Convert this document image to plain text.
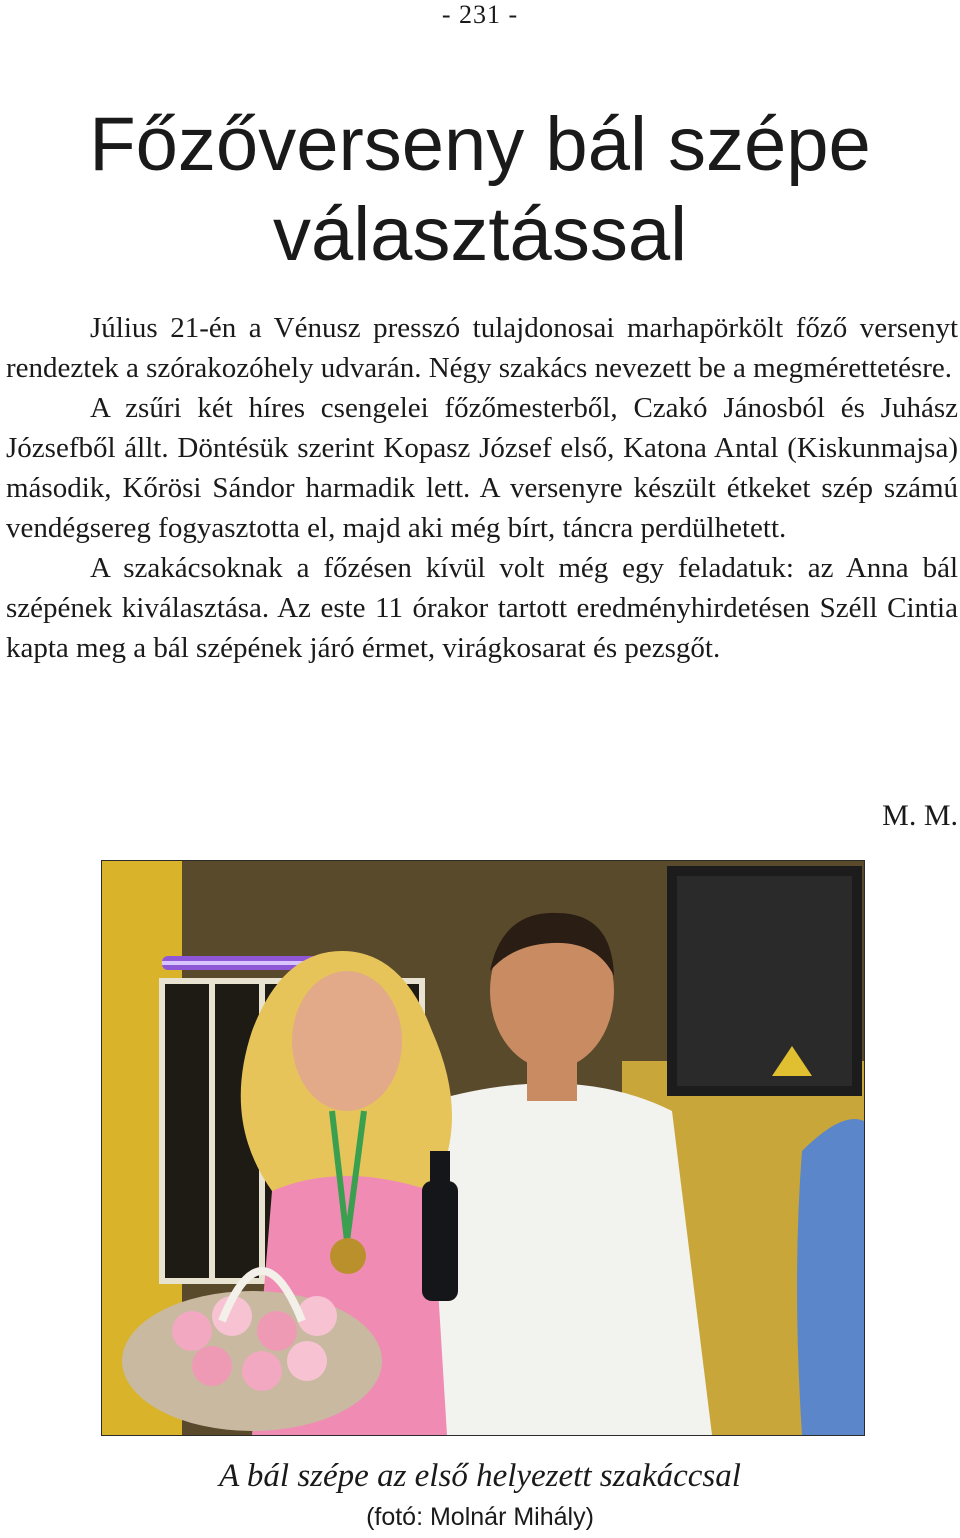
- 231 -
Főzőverseny bál szépe
választással

Július 21-én a Vénusz presszó tulajdonosai marhapörkölt főző versenyt rendeztek a szórakozóhely udvarán. Négy szakács nevezett be a megmérettetésre.

A zsűri két híres csengelei főzőmesterből, Czakó Jánosból és Juhász Józsefből állt. Döntésük szerint Kopasz József első, Katona Antal (Kiskunmajsa) második, Kőrösi Sándor harmadik lett. A versenyre készült étkeket szép számú vendégsereg fogyasztotta el, majd aki még bírt, táncra perdülhetett.

A szakácsoknak a főzésen kívül volt még egy feladatuk: az Anna bál szépének kiválasztása. Az este 11 órakor tartott eredményhirdetésen Széll Cintia kapta meg a bál szépének járó érmet, virágkosarat és pezsgőt.

M. M.
A bál szépe az első helyezett szakáccsal
(fotó: Molnár Mihály)
